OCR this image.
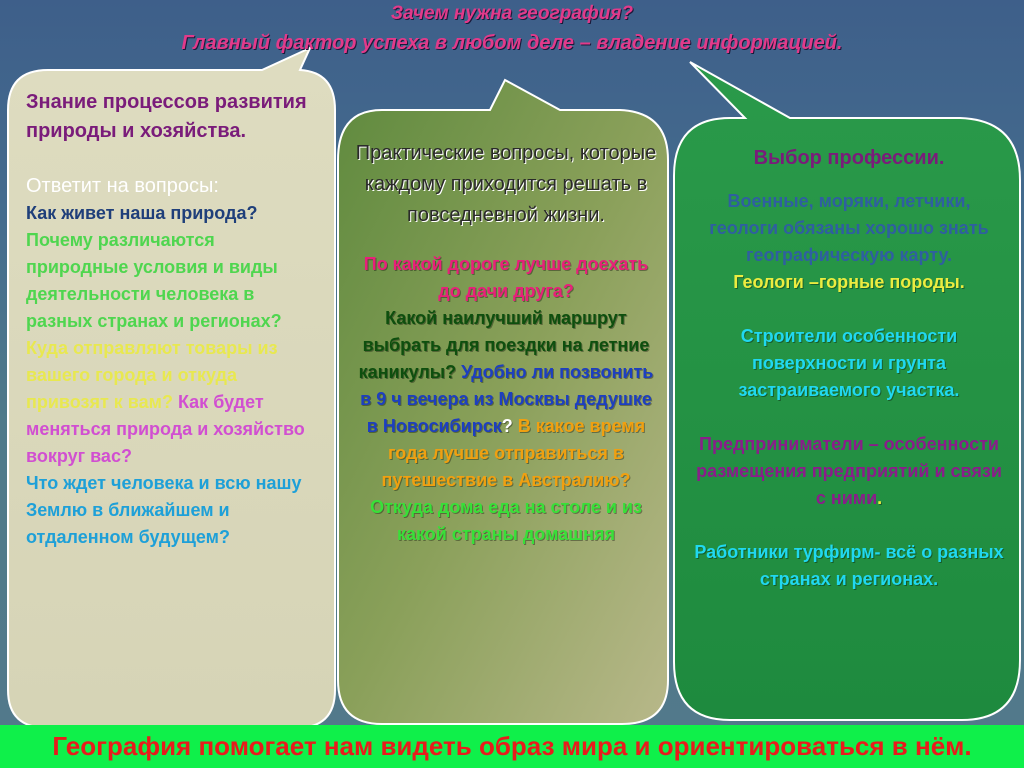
Зачем нужна география?
Главный фактор успеха в любом деле – владение информацией.
Знание процессов развития природы и хозяйства.
Ответит на вопросы:
Как живет наша природа?
Почему различаются природные условия и виды деятельности человека в разных странах и регионах?
Куда отправляют товары из вашего города и откуда привозят к вам? Как будет меняться природа и хозяйство вокруг вас?
Что ждет человека и всю нашу Землю в ближайшем и отдаленном будущем?
Практические вопросы, которые каждому приходится решать в повседневной жизни.
По какой дороге лучше доехать до дачи друга?
Какой наилучший маршрут выбрать для поездки на летние каникулы? Удобно ли позвонить в 9 ч вечера из Москвы дедушке в Новосибирск? В какое время года лучше отправиться в путешествие в Австралию? Откуда дома еда на столе и из какой страны домашняя
Выбор профессии.
Военные, моряки, летчики, геологи обязаны хорошо знать географическую карту.
Геологи –горные породы.
Строители особенности поверхности и грунта застраиваемого участка.
Предприниматели – особенности размещения предприятий и связи с ними.
Работники турфирм- всё о разных странах и регионах.
География помогает нам видеть образ мира и ориентироваться в нём.
